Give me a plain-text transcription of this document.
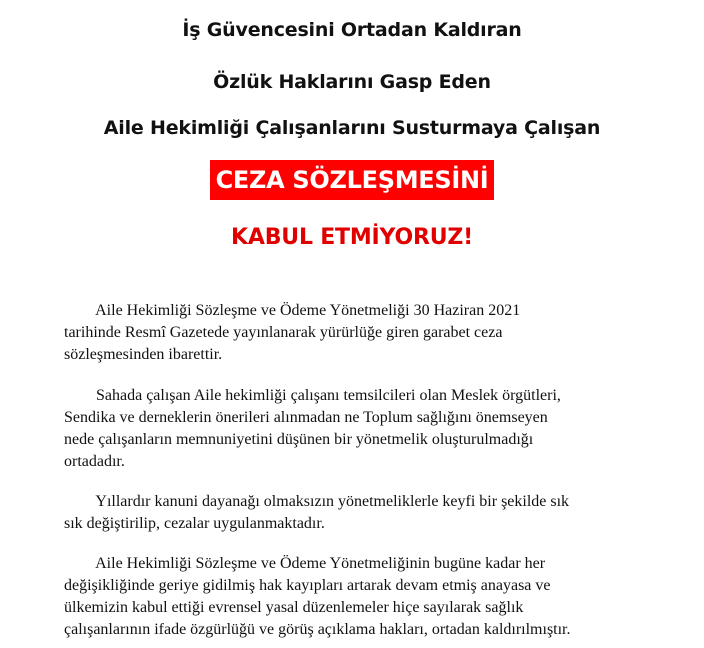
İş Güvencesini Ortadan Kaldıran
Özlük Haklarını Gasp Eden
Aile Hekimliği Çalışanlarını Susturmaya Çalışan
CEZA SÖZLEŞMESİNİ
KABUL ETMİYORUZ!
Aile Hekimliği Sözleşme ve Ödeme Yönetmeliği 30 Haziran 2021
tarihinde Resmî Gazetede yayınlanarak yürürlüğe giren garabet ceza
sözleşmesinden ibarettir.
Sahada çalışan Aile hekimliği çalışanı temsilcileri olan Meslek örgütleri,
Sendika ve derneklerin önerileri alınmadan ne Toplum sağlığını önemseyen
nede çalışanların memnuniyetini düşünen bir yönetmelik oluşturulmadığı
ortadadır.
Yıllardır kanuni dayanağı olmaksızın yönetmeliklerle keyfi bir şekilde sık
sık değiştirilip, cezalar uygulanmaktadır.
Aile Hekimliği Sözleşme ve Ödeme Yönetmeliğinin bugüne kadar her
değişikliğinde geriye gidilmiş hak kayıpları artarak devam etmiş anayasa ve
ülkemizin kabul ettiği evrensel yasal düzenlemeler hiçe sayılarak sağlık
çalışanlarının ifade özgürlüğü ve görüş açıklama hakları, ortadan kaldırılmıştır.
